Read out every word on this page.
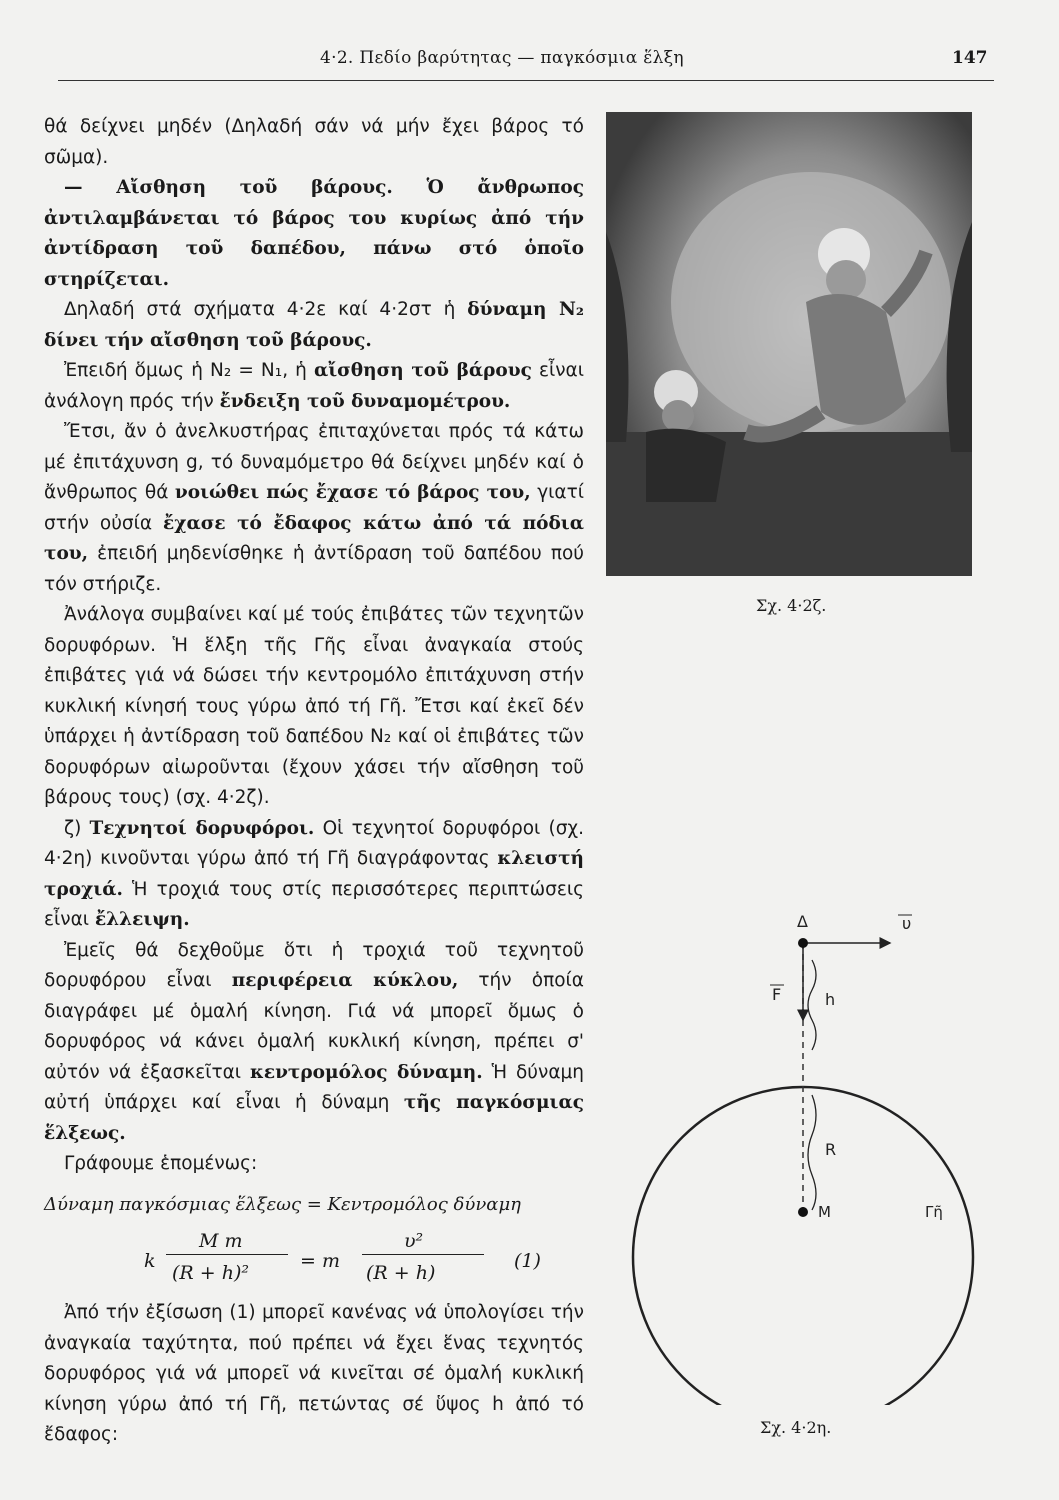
4·2. Πεδίο βαρύτητας — παγκόσμια ἕλξη	147

θά δείχνει μηδέν (Δηλαδή σάν νά μήν ἔχει βάρος τό σῶμα).

— Αἴσθηση τοῦ βάρους. Ὁ ἄνθρωπος ἀντιλαμβάνεται τό βάρος του κυρίως ἀπό τήν ἀντίδραση τοῦ δαπέδου, πάνω στό ὁποῖο στηρίζεται.

Δηλαδή στά σχήματα 4·2ε καί 4·2στ ἡ δύναμη N₂ δίνει τήν αἴσθηση τοῦ βάρους.

Ἐπειδή ὅμως ἡ N₂ = N₁, ἡ αἴσθηση τοῦ βάρους εἶναι ἀνάλογη πρός τήν ἔνδειξη τοῦ δυναμομέτρου.

Ἔτσι, ἄν ὁ ἀνελκυστήρας ἐπιταχύνεται πρός τά κάτω μέ ἐπιτάχυνση g, τό δυναμόμετρο θά δείχνει μηδέν καί ὁ ἄνθρωπος θά νοιώθει πώς ἔχασε τό βάρος του, γιατί στήν οὐσία ἔχασε τό ἔδαφος κάτω ἀπό τά πόδια του, ἐπειδή μηδενίσθηκε ἡ ἀντίδραση τοῦ δαπέδου πού τόν στήριζε.

Ἀνάλογα συμβαίνει καί μέ τούς ἐπιβάτες τῶν τεχνητῶν δορυφόρων. Ἡ ἕλξη τῆς Γῆς εἶναι ἀναγκαία στούς ἐπιβάτες γιά νά δώσει τήν κεντρομόλο ἐπιτάχυνση στήν κυκλική κίνησή τους γύρω ἀπό τή Γῆ. Ἔτσι καί ἐκεῖ δέν ὑπάρχει ἡ ἀντίδραση τοῦ δαπέδου N₂ καί οἱ ἐπιβάτες τῶν δορυφόρων αἰωροῦνται (ἔχουν χάσει τήν αἴσθηση τοῦ βάρους τους) (σχ. 4·2ζ).

ζ) Τεχνητοί δορυφόροι. Οἱ τεχνητοί δορυφόροι (σχ. 4·2η) κινοῦνται γύρω ἀπό τή Γῆ διαγράφοντας κλειστή τροχιά. Ἡ τροχιά τους στίς περισσότερες περιπτώσεις εἶναι ἔλλειψη.

Ἐμεῖς θά δεχθοῦμε ὅτι ἡ τροχιά τοῦ τεχνητοῦ δορυφόρου εἶναι περιφέρεια κύκλου, τήν ὁποία διαγράφει μέ ὁμαλή κίνηση. Γιά νά μπορεῖ ὅμως ὁ δορυφόρος νά κάνει ὁμαλή κυκλική κίνηση, πρέπει σ' αὐτόν νά ἐξασκεῖται κεντρομόλος δύναμη. Ἡ δύναμη αὐτή ὑπάρχει καί εἶναι ἡ δύναμη τῆς παγκόσμιας ἕλξεως.

Γράφουμε ἑπομένως:

Δύναμη παγκόσμιας ἕλξεως = Κεντρομόλος δύναμη
k
M m
(R + h)²
= m
υ²
(R + h)
(1)

Ἀπό τήν ἐξίσωση (1) μπορεῖ κανένας νά ὑπολογίσει τήν ἀναγκαία ταχύτητα, πού πρέπει νά ἔχει ἕνας τεχνητός δορυφόρος γιά νά μπορεῖ νά κινεῖται σέ ὁμαλή κυκλική κίνηση γύρω ἀπό τή Γῆ, πετώντας σέ ὕψος h ἀπό τό ἔδαφος:

Σχ. 4·2ζ.
Δ	υ
F	h
R
M	Γῆ
Σχ. 4·2η.
